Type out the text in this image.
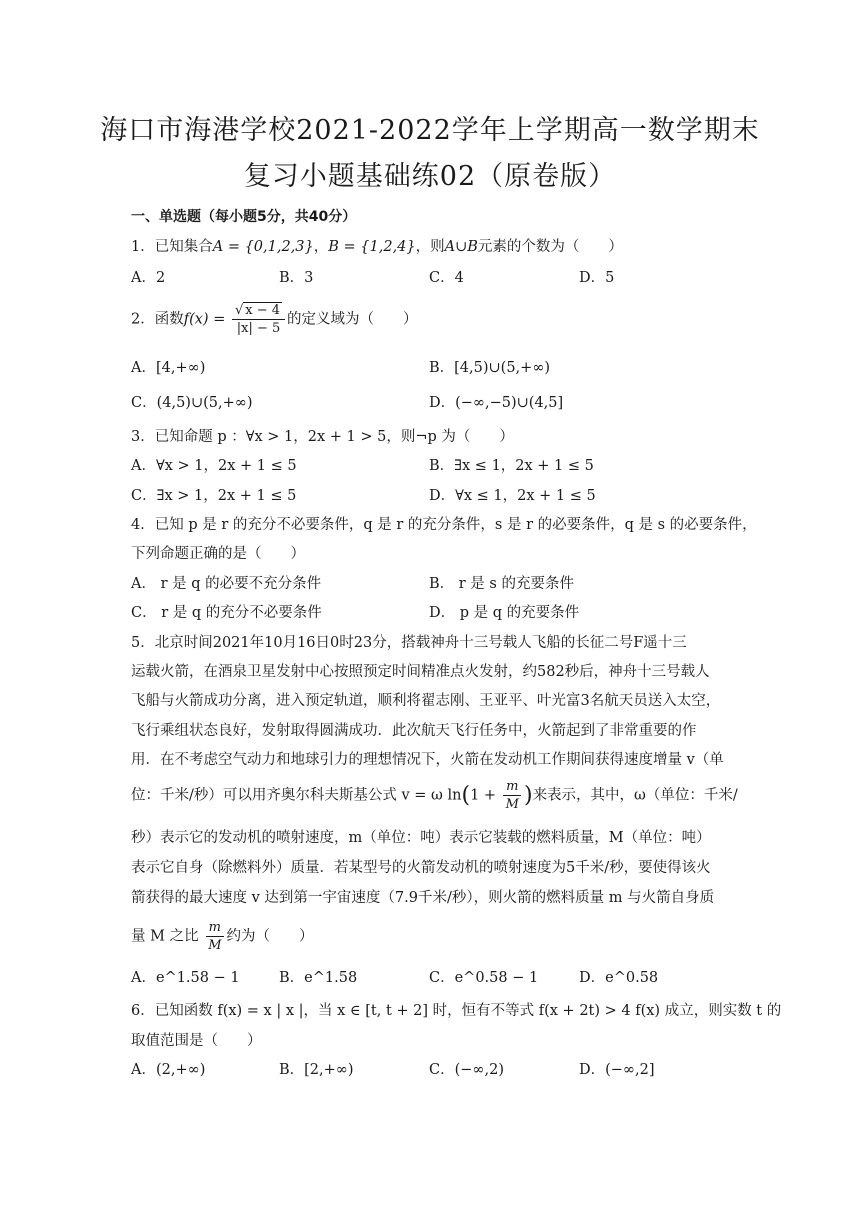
海口市海港学校2021-2022学年上学期高一数学期末
复习小题基础练02（原卷版）
一、单选题（每小题5分，共40分）
1．已知集合A = {0,1,2,3}，B = {1,2,4}，则A∪B元素的个数为（　　）
A．2	B．3	C．4	D．5
2．函数$f(x) = \frac{√ x - 4}{|x| - 5}$ 的定义域为（　　）
A．[4,+∞)	B．[4,5)∪(5,+∞)
C．(4,5)∪(5,+∞)	D．(−∞,−5)∪(4,5]
3．已知命题 p ：∀x > 1，2x + 1 > 5，则¬p 为（　　）
A．∀x > 1，2x + 1 ≤ 5	B．∃x ≤ 1，2x + 1 ≤ 5
C．∃x > 1，2x + 1 ≤ 5	D．∀x ≤ 1，2x + 1 ≤ 5
4．已知 p 是 r 的充分不必要条件，q 是 r 的充分条件，s 是 r 的必要条件，q 是 s 的必要条件，
下列命题正确的是（　　）
A． r 是 q 的必要不充分条件	B． r 是 s 的充要条件
C． r 是 q 的充分不必要条件	D． p 是 q 的充要条件
5．北京时间2021年10月16日0时23分，搭载神舟十三号载人飞船的长征二号F遥十三
运载火箭，在酒泉卫星发射中心按照预定时间精准点火发射，约582秒后，神舟十三号载人
飞船与火箭成功分离，进入预定轨道，顺利将翟志刚、王亚平、叶光富3名航天员送入太空，
飞行乘组状态良好，发射取得圆满成功．此次航天飞行任务中，火箭起到了非常重要的作
用．在不考虑空气动力和地球引力的理想情况下，火箭在发动机工作期间获得速度增量 v（单
位：千米/秒）可以用齐奥尔科夫斯基公式 v = ω $\ln(1 + \frac{m}{M}$ )来表示，其中，ω（单位：千米/
秒）表示它的发动机的喷射速度，m（单位：吨）表示它装载的燃料质量，M（单位：吨）
表示它自身（除燃料外）质量．若某型号的火箭发动机的喷射速度为5千米/秒，要使得该火
箭获得的最大速度 v 达到第一宇宙速度（7.9千米/秒），则火箭的燃料质量 m 与火箭自身质
量 M 之比 $\frac{m}{M}$ 约为（　　）
A．e^1.58 − 1	B．e^1.58	C．e^0.58 − 1	D．e^0.58
6．已知函数 f(x) = x | x |，当 x ∈ [t, t + 2] 时，恒有不等式 f(x + 2t) > 4 f(x) 成立，则实数 t 的
取值范围是（　　）
A．(2,+∞)	B．[2,+∞)	C．(−∞,2)	D．(−∞,2]
